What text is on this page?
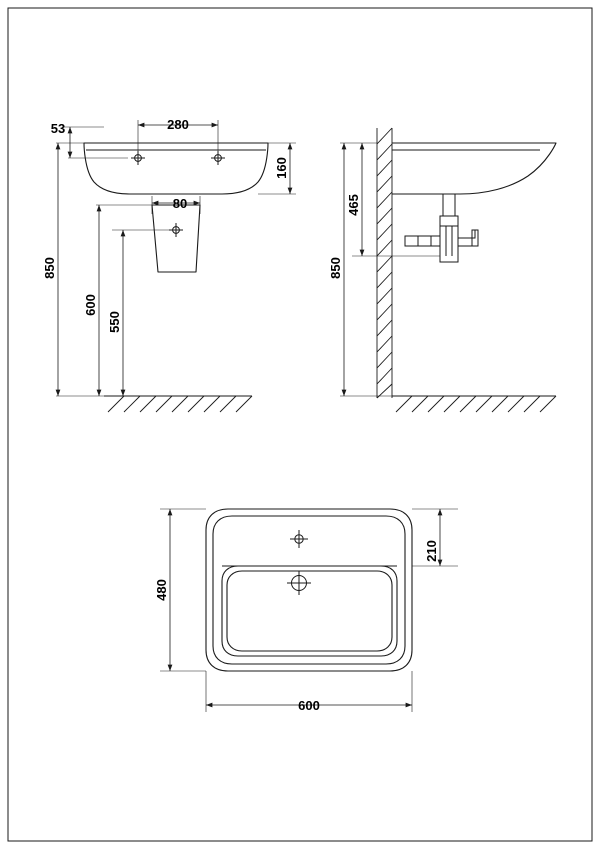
53	280
160
80
850
600
550
465
850
210
480
600
